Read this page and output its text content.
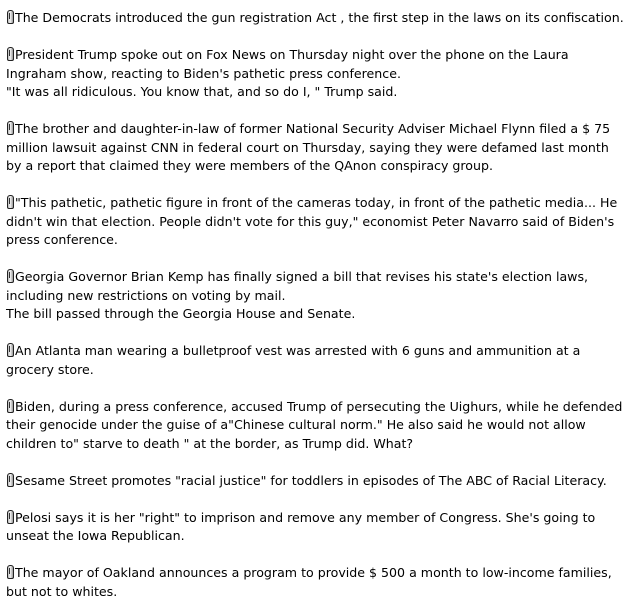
The Democrats introduced the gun registration Act , the first step in the laws on its confiscation.
President Trump spoke out on Fox News on Thursday night over the phone on the Laura Ingraham show, reacting to Biden's pathetic press conference.
"It was all ridiculous. You know that, and so do I, " Trump said.
The brother and daughter-in-law of former National Security Adviser Michael Flynn filed a $ 75 million lawsuit against CNN in federal court on Thursday, saying they were defamed last month by a report that claimed they were members of the QAnon conspiracy group.
"This pathetic, pathetic figure in front of the cameras today, in front of the pathetic media... He didn't win that election. People didn't vote for this guy," economist Peter Navarro said of Biden's press conference.
Georgia Governor Brian Kemp has finally signed a bill that revises his state's election laws, including new restrictions on voting by mail.
The bill passed through the Georgia House and Senate.
An Atlanta man wearing a bulletproof vest was arrested with 6 guns and ammunition at a grocery store.
Biden, during a press conference, accused Trump of persecuting the Uighurs, while he defended their genocide under the guise of a"Chinese cultural norm." He also said he would not allow children to" starve to death " at the border, as Trump did. What?
Sesame Street promotes "racial justice" for toddlers in episodes of The ABC of Racial Literacy.
Pelosi says it is her "right" to imprison and remove any member of Congress. She's going to unseat the Iowa Republican.
The mayor of Oakland announces a program to provide $ 500 a month to low-income families, but not to whites.
